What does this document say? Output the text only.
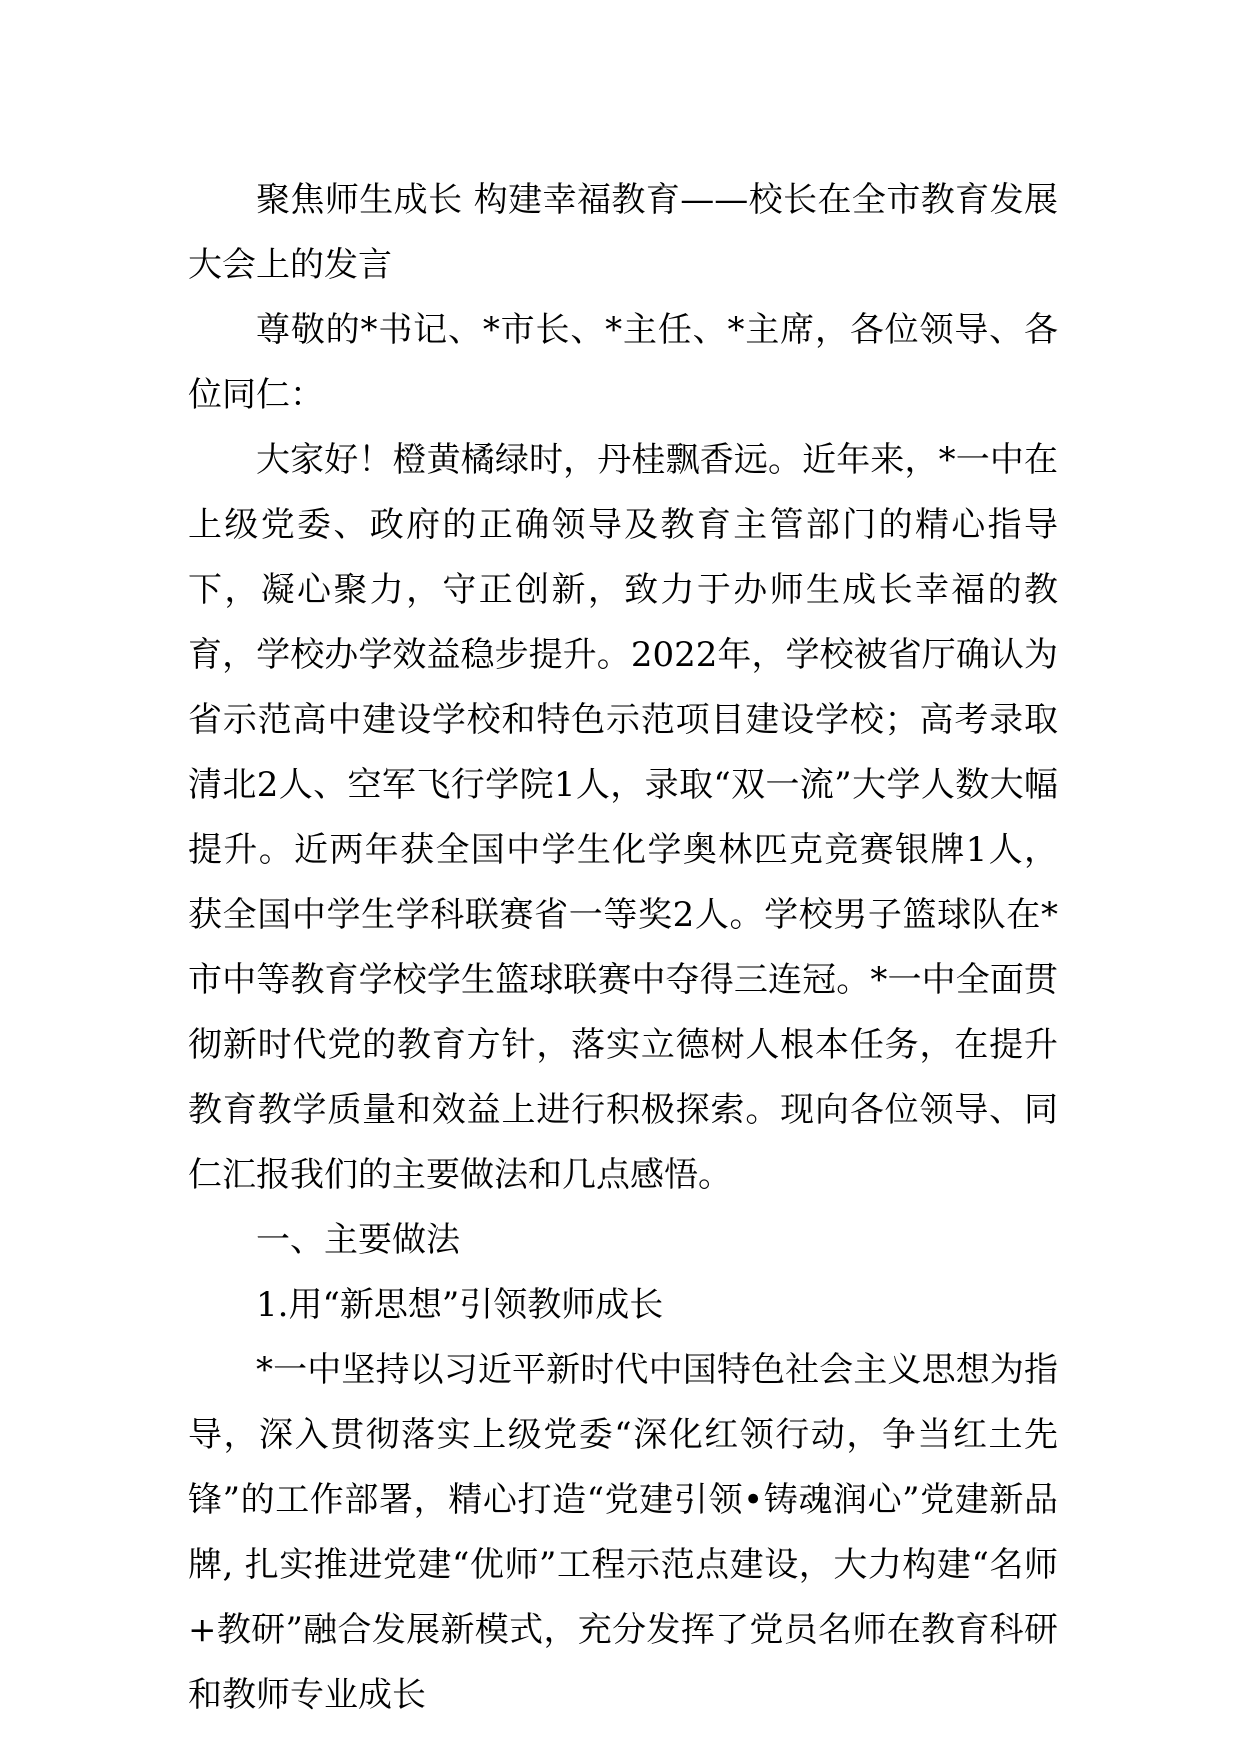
聚焦师生成长 构建幸福教育——校长在全市教育发展大会上的发言

尊敬的*书记、*市长、*主任、*主席，各位领导、各位同仁：

大家好！橙黄橘绿时，丹桂飘香远。近年来，*一中在上级党委、政府的正确领导及教育主管部门的精心指导下，凝心聚力，守正创新，致力于办师生成长幸福的教育，学校办学效益稳步提升。2022年，学校被省厅确认为省示范高中建设学校和特色示范项目建设学校；高考录取清北2人、空军飞行学院1人，录取“双一流”大学人数大幅提升。近两年获全国中学生化学奥林匹克竞赛银牌1人，获全国中学生学科联赛省一等奖2人。学校男子篮球队在*市中等教育学校学生篮球联赛中夺得三连冠。*一中全面贯彻新时代党的教育方针，落实立德树人根本任务，在提升教育教学质量和效益上进行积极探索。现向各位领导、同仁汇报我们的主要做法和几点感悟。

一、主要做法

1.用“新思想”引领教师成长

*一中坚持以习近平新时代中国特色社会主义思想为指导，深入贯彻落实上级党委“深化红领行动，争当红土先锋”的工作部署，精心打造“党建引领•铸魂润心”党建新品牌, 扎实推进党建“优师”工程示范点建设，大力构建“名师+教研”融合发展新模式，充分发挥了党员名师在教育科研和教师专业成长
